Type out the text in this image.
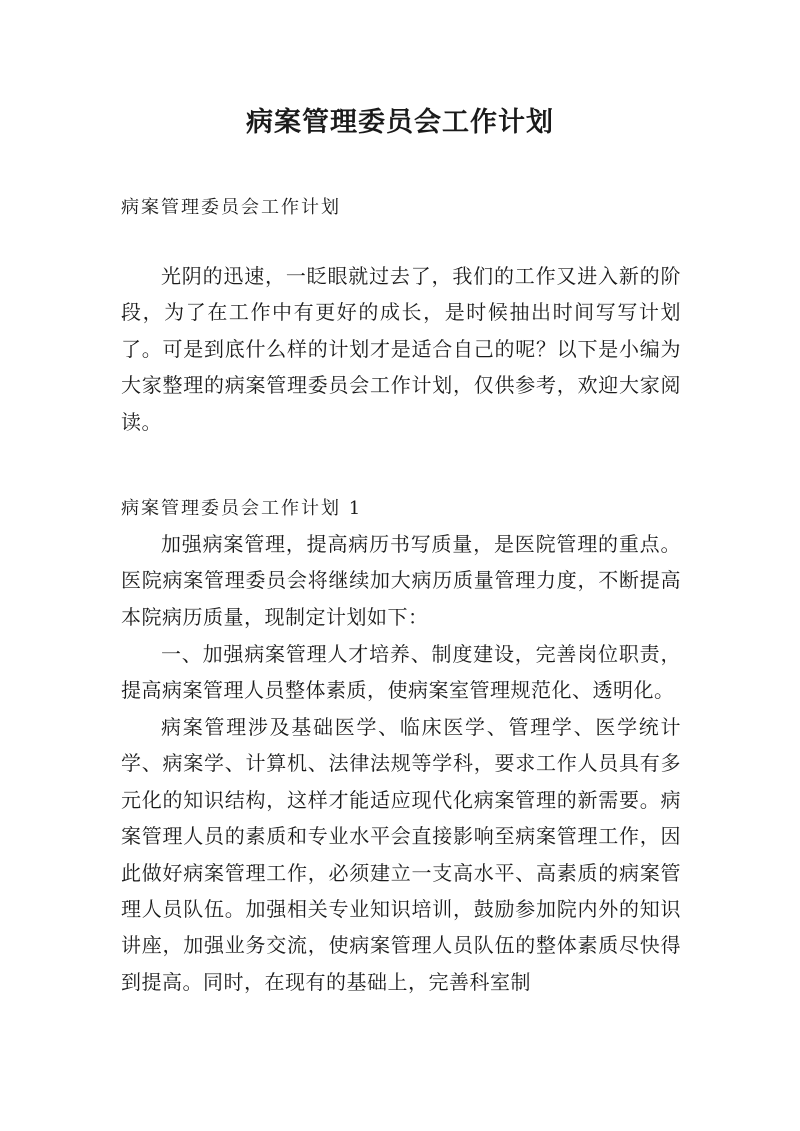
病案管理委员会工作计划

病案管理委员会工作计划

光阴的迅速，一眨眼就过去了，我们的工作又进入新的阶段，为了在工作中有更好的成长，是时候抽出时间写写计划了。可是到底什么样的计划才是适合自己的呢？以下是小编为大家整理的病案管理委员会工作计划，仅供参考，欢迎大家阅读。

病案管理委员会工作计划 1

加强病案管理，提高病历书写质量，是医院管理的重点。医院病案管理委员会将继续加大病历质量管理力度，不断提高本院病历质量，现制定计划如下：

一、加强病案管理人才培养、制度建设，完善岗位职责，提高病案管理人员整体素质，使病案室管理规范化、透明化。

病案管理涉及基础医学、临床医学、管理学、医学统计学、病案学、计算机、法律法规等学科，要求工作人员具有多元化的知识结构，这样才能适应现代化病案管理的新需要。病案管理人员的素质和专业水平会直接影响至病案管理工作，因此做好病案管理工作，必须建立一支高水平、高素质的病案管理人员队伍。加强相关专业知识培训，鼓励参加院内外的知识讲座，加强业务交流，使病案管理人员队伍的整体素质尽快得到提高。同时，在现有的基础上，完善科室制
